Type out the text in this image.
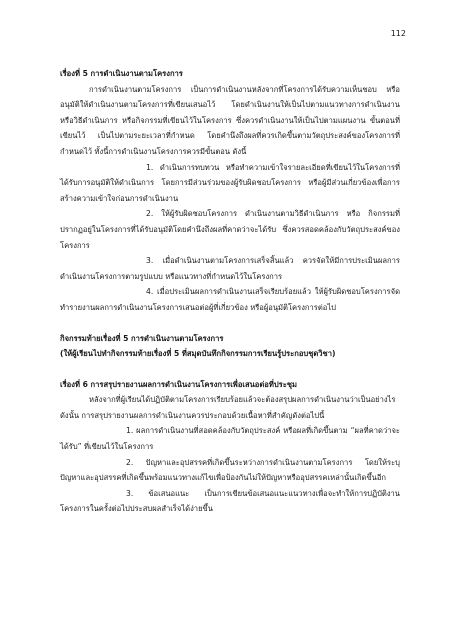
112

เรื่องที่ 5 การดำเนินงานตามโครงการ

การดำเนินงานตามโครงการ เป็นการดำเนินงานหลังจากที่โครงการได้รับความเห็นชอบ หรืออนุมัติให้ดำเนินงานตามโครงการที่เขียนเสนอไว้ โดยดำเนินงานให้เป็นไปตามแนวทางการดำเนินงาน หรือวิธีดำเนินการ หรือกิจกรรมที่เขียนไว้ในโครงการ ซึ่งควรดำเนินงานให้เป็นไปตามแผนงาน ขั้นตอนที่เขียนไว้ เป็นไปตามระยะเวลาที่กำหนด โดยคำนึงถึงผลที่ควรเกิดขึ้นตามวัตถุประสงค์ของโครงการที่กำหนดไว้ ทั้งนี้การดำเนินงานโครงการควรมีขั้นตอน ดังนี้

1. ดำเนินการทบทวน หรือทำความเข้าใจรายละเอียดที่เขียนไว้ในโครงการที่ได้รับการอนุมัติให้ดำเนินการ โดยการมีส่วนร่วมของผู้รับผิดชอบโครงการ หรือผู้มีส่วนเกี่ยวข้องเพื่อการสร้างความเข้าใจก่อนการดำเนินงาน

2. ให้ผู้รับผิดชอบโครงการ ดำเนินงานตามวิธีดำเนินการ หรือ กิจกรรมที่ปรากฏอยู่ในโครงการที่ได้รับอนุมัติโดยคำนึงถึงผลที่คาดว่าจะได้รับ ซึ่งควรสอดคล้องกับวัตถุประสงค์ของโครงการ

3. เมื่อดำเนินงานตามโครงการเสร็จสิ้นแล้ว ควรจัดให้มีการประเมินผลการดำเนินงานโครงการตามรูปแบบ หรือแนวทางที่กำหนดไว้ในโครงการ

4. เมื่อประเมินผลการดำเนินงานเสร็จเรียบร้อยแล้ว ให้ผู้รับผิดชอบโครงการจัดทำรายงานผลการดำเนินงานโครงการเสนอต่อผู้ที่เกี่ยวข้อง หรือผู้อนุมัติโครงการต่อไป

กิจกรรมท้ายเรื่องที่ 5 การดำเนินงานตามโครงการ

(ให้ผู้เรียนไปทำกิจกรรมท้ายเรื่องที่ 5 ที่สมุดบันทึกกิจกรรมการเรียนรู้ประกอบชุดวิชา)

เรื่องที่ 6 การสรุปรายงานผลการดำเนินงานโครงการเพื่อเสนอต่อที่ประชุม

หลังจากที่ผู้เรียนได้ปฏิบัติตามโครงการเรียบร้อยแล้วจะต้องสรุปผลการดำเนินงานว่าเป็นอย่างไรดังนั้น การสรุปรายงานผลการดำเนินงานควรประกอบด้วยเนื้อหาที่สำคัญดังต่อไปนี้

1. ผลการดำเนินงานที่สอดคล้องกับวัตถุประสงค์ หรือผลที่เกิดขึ้นตาม “ผลที่คาดว่าจะได้รับ” ที่เขียนไว้ในโครงการ

2. ปัญหาและอุปสรรคที่เกิดขึ้นระหว่างการดำเนินงานตามโครงการ โดยให้ระบุปัญหาและอุปสรรคที่เกิดขึ้นพร้อมแนวทางแก้ไขเพื่อป้องกันไม่ให้ปัญหาหรืออุปสรรคเหล่านั้นเกิดขึ้นอีก

3. ข้อเสนอแนะ เป็นการเขียนข้อเสนอแนะแนวทางเพื่อจะทำให้การปฏิบัติงานโครงการในครั้งต่อไปประสบผลสำเร็จได้ง่ายขึ้น
